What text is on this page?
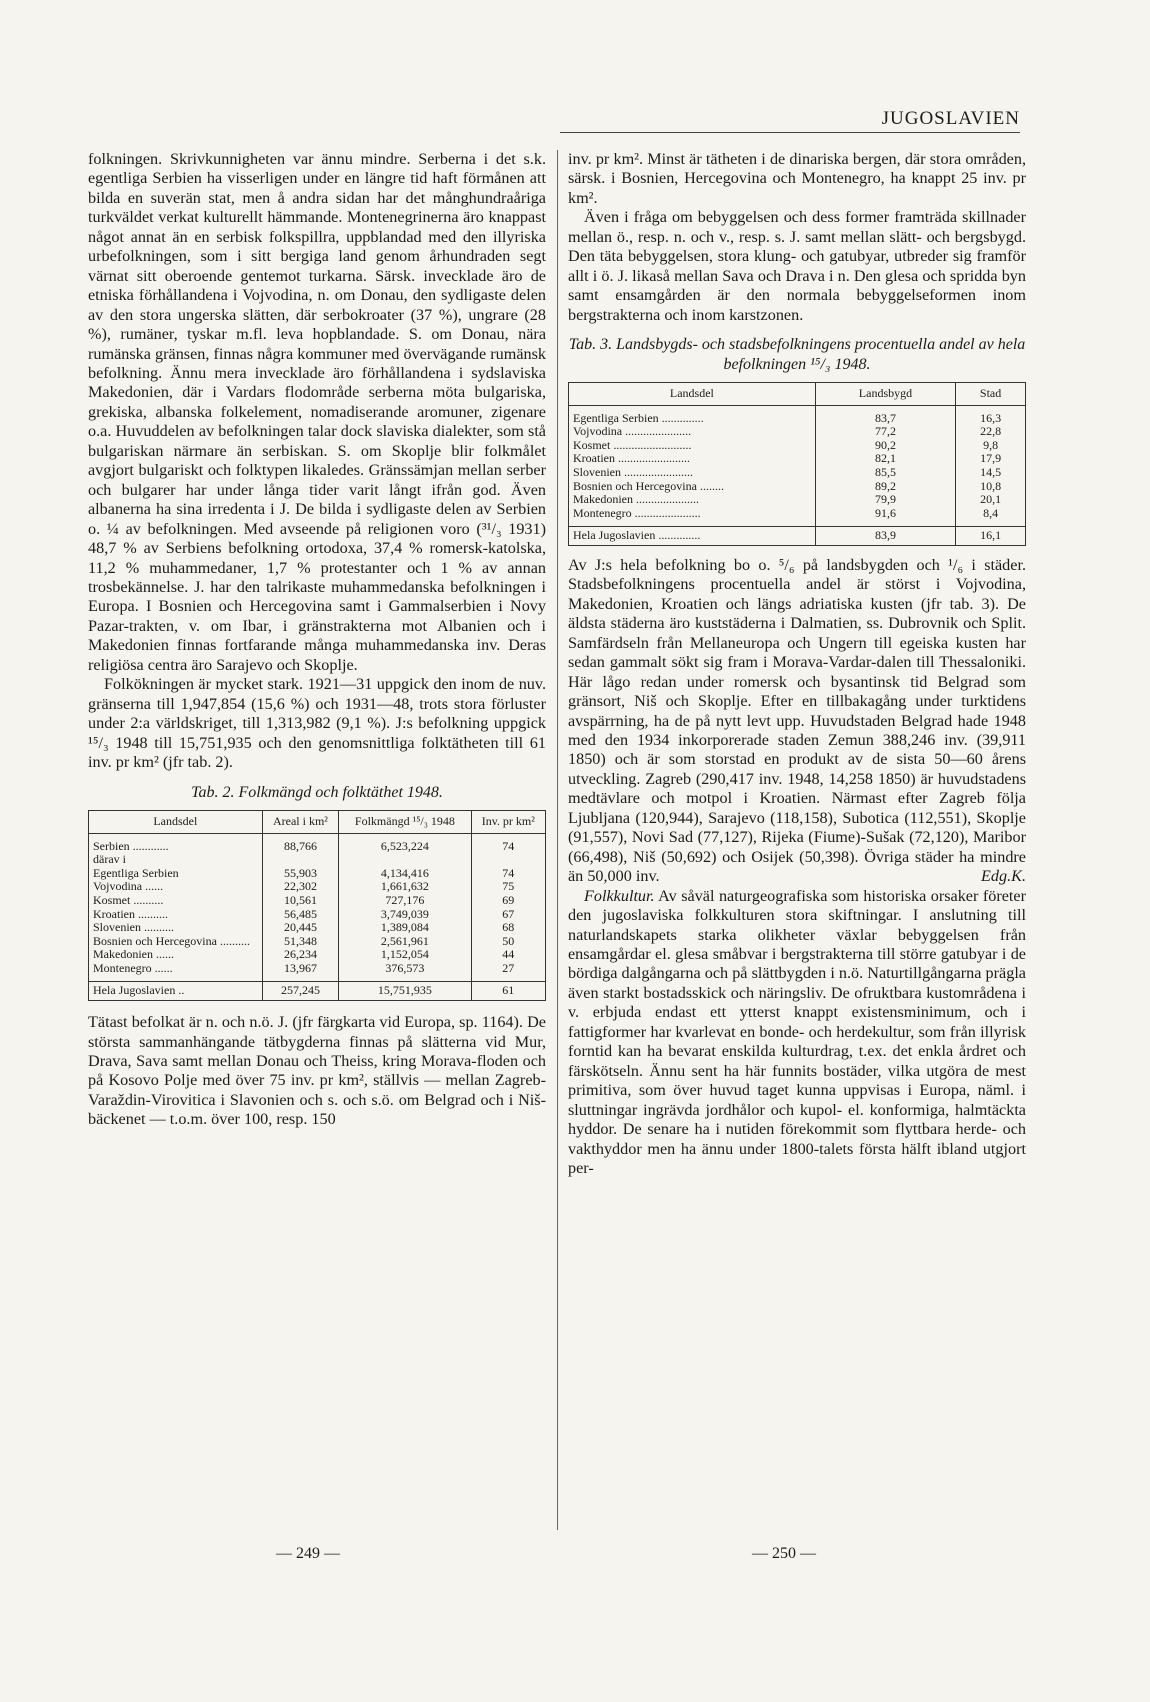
JUGOSLAVIEN

folkningen. Skrivkunnigheten var ännu mindre. Serberna i det s.k. egentliga Serbien ha visserligen under en längre tid haft förmånen att bilda en suverän stat, men å andra sidan har det månghundraåriga turkväldet verkat kulturellt hämmande. Montenegrinerna äro knappast något annat än en serbisk folkspillra, uppblandad med den illyriska urbefolkningen, som i sitt bergiga land genom århundraden segt värnat sitt oberoende gentemot turkarna. Särsk. invecklade äro de etniska förhållandena i Vojvodina, n. om Donau, den sydligaste delen av den stora ungerska slätten, där serbokroater (37 %), ungrare (28 %), rumäner, tyskar m.fl. leva hopblandade. S. om Donau, nära rumänska gränsen, finnas några kommuner med övervägande rumänsk befolkning. Ännu mera invecklade äro förhållandena i sydslaviska Makedonien, där i Vardars flodområde serberna möta bulgariska, grekiska, albanska folkelement, nomadiserande aromuner, zigenare o.a. Huvuddelen av befolkningen talar dock slaviska dialekter, som stå bulgariskan närmare än serbiskan. S. om Skoplje blir folkmålet avgjort bulgariskt och folktypen likaledes. Gränssämjan mellan serber och bulgarer har under långa tider varit långt ifrån god. Även albanerna ha sina irredenta i J. De bilda i sydligaste delen av Serbien o. ¼ av befolkningen. Med avseende på religionen voro (³¹/₃ 1931) 48,7 % av Serbiens befolkning ortodoxa, 37,4 % romersk-katolska, 11,2 % muhammedaner, 1,7 % protestanter och 1 % av annan trosbekännelse. J. har den talrikaste muhammedanska befolkningen i Europa. I Bosnien och Hercegovina samt i Gammalserbien i Novy Pazar-trakten, v. om Ibar, i gränstrakterna mot Albanien och i Makedonien finnas fortfarande många muhammedanska inv. Deras religiösa centra äro Sarajevo och Skoplje.

Folkökningen är mycket stark. 1921—31 uppgick den inom de nuv. gränserna till 1,947,854 (15,6 %) och 1931—48, trots stora förluster under 2:a världskriget, till 1,313,982 (9,1 %). J:s befolkning uppgick ¹⁵/₃ 1948 till 15,751,935 och den genomsnittliga folktätheten till 61 inv. pr km² (jfr tab. 2).

Tab. 2. Folkmängd och folktäthet 1948.
Landsdel	Areal i km²	Folkmängd ¹⁵/₃ 1948	Inv. pr km²
Serbien ............	88,766	6,523,224	74
därav i			
Egentliga Serbien	55,903	4,134,416	74
Vojvodina ......	22,302	1,661,632	75
Kosmet ..........	10,561	727,176	69
Kroatien ..........	56,485	3,749,039	67
Slovenien ..........	20,445	1,389,084	68
Bosnien och Hercegovina ..........	51,348	2,561,961	50
Makedonien ......	26,234	1,152,054	44
Montenegro ......	13,967	376,573	27
Hela Jugoslavien ..	257,245	15,751,935	61

Tätast befolkat är n. och n.ö. J. (jfr färgkarta vid Europa, sp. 1164). De största sammanhängande tätbygderna finnas på slätterna vid Mur, Drava, Sava samt mellan Donau och Theiss, kring Morava-floden och på Kosovo Polje med över 75 inv. pr km², ställvis — mellan Zagreb-Varaždin-Virovitica i Slavonien och s. och s.ö. om Belgrad och i Niš-bäckenet — t.o.m. över 100, resp. 150

inv. pr km². Minst är tätheten i de dinariska bergen, där stora områden, särsk. i Bosnien, Hercegovina och Montenegro, ha knappt 25 inv. pr km².

Även i fråga om bebyggelsen och dess former framträda skillnader mellan ö., resp. n. och v., resp. s. J. samt mellan slätt- och bergsbygd. Den täta bebyggelsen, stora klung- och gatubyar, utbreder sig framför allt i ö. J. likaså mellan Sava och Drava i n. Den glesa och spridda byn samt ensamgården är den normala bebyggelseformen inom bergstrakterna och inom karstzonen.

Tab. 3. Landsbygds- och stadsbefolkningens procentuella andel av hela befolkningen ¹⁵/₃ 1948.
Landsdel	Landsbygd	Stad
Egentliga Serbien ..............	83,7	16,3
Vojvodina ......................	77,2	22,8
Kosmet ..........................	90,2	9,8
Kroatien ........................	82,1	17,9
Slovenien .......................	85,5	14,5
Bosnien och Hercegovina ........	89,2	10,8
Makedonien .....................	79,9	20,1
Montenegro ......................	91,6	8,4
Hela Jugoslavien ..............	83,9	16,1

Av J:s hela befolkning bo o. ⁵/₆ på landsbygden och ¹/₆ i städer. Stadsbefolkningens procentuella andel är störst i Vojvodina, Makedonien, Kroatien och längs adriatiska kusten (jfr tab. 3). De äldsta städerna äro kuststäderna i Dalmatien, ss. Dubrovnik och Split. Samfärdseln från Mellaneuropa och Ungern till egeiska kusten har sedan gammalt sökt sig fram i Morava-Vardar-dalen till Thessaloniki. Här lågo redan under romersk och bysantinsk tid Belgrad som gränsort, Niš och Skoplje. Efter en tillbakagång under turktidens avspärrning, ha de på nytt levt upp. Huvudstaden Belgrad hade 1948 med den 1934 inkorporerade staden Zemun 388,246 inv. (39,911 1850) och är som storstad en produkt av de sista 50—60 årens utveckling. Zagreb (290,417 inv. 1948, 14,258 1850) är huvudstadens medtävlare och motpol i Kroatien. Närmast efter Zagreb följa Ljubljana (120,944), Sarajevo (118,158), Subotica (112,551), Skoplje (91,557), Novi Sad (77,127), Rijeka (Fiume)-Sušak (72,120), Maribor (66,498), Niš (50,692) och Osijek (50,398). Övriga städer ha mindre än 50,000 inv.	Edg.K.

Folkkultur. Av såväl naturgeografiska som historiska orsaker företer den jugoslaviska folkkulturen stora skiftningar. I anslutning till naturlandskapets starka olikheter växlar bebyggelsen från ensamgårdar el. glesa småbvar i bergstrakterna till större gatubyar i de bördiga dalgångarna och på slättbygden i n.ö. Naturtillgångarna prägla även starkt bostadsskick och näringsliv. De ofruktbara kustområdena i v. erbjuda endast ett ytterst knappt existensminimum, och i fattigformer har kvarlevat en bonde- och herdekultur, som från illyrisk forntid kan ha bevarat enskilda kulturdrag, t.ex. det enkla årdret och färskötseln. Ännu sent ha här funnits bostäder, vilka utgöra de mest primitiva, som över huvud taget kunna uppvisas i Europa, näml. i sluttningar ingrävda jordhålor och kupol- el. konformiga, halmtäckta hyddor. De senare ha i nutiden förekommit som flyttbara herde- och vakthyddor men ha ännu under 1800-talets första hälft ibland utgjort per-

— 249 —	— 250 —
